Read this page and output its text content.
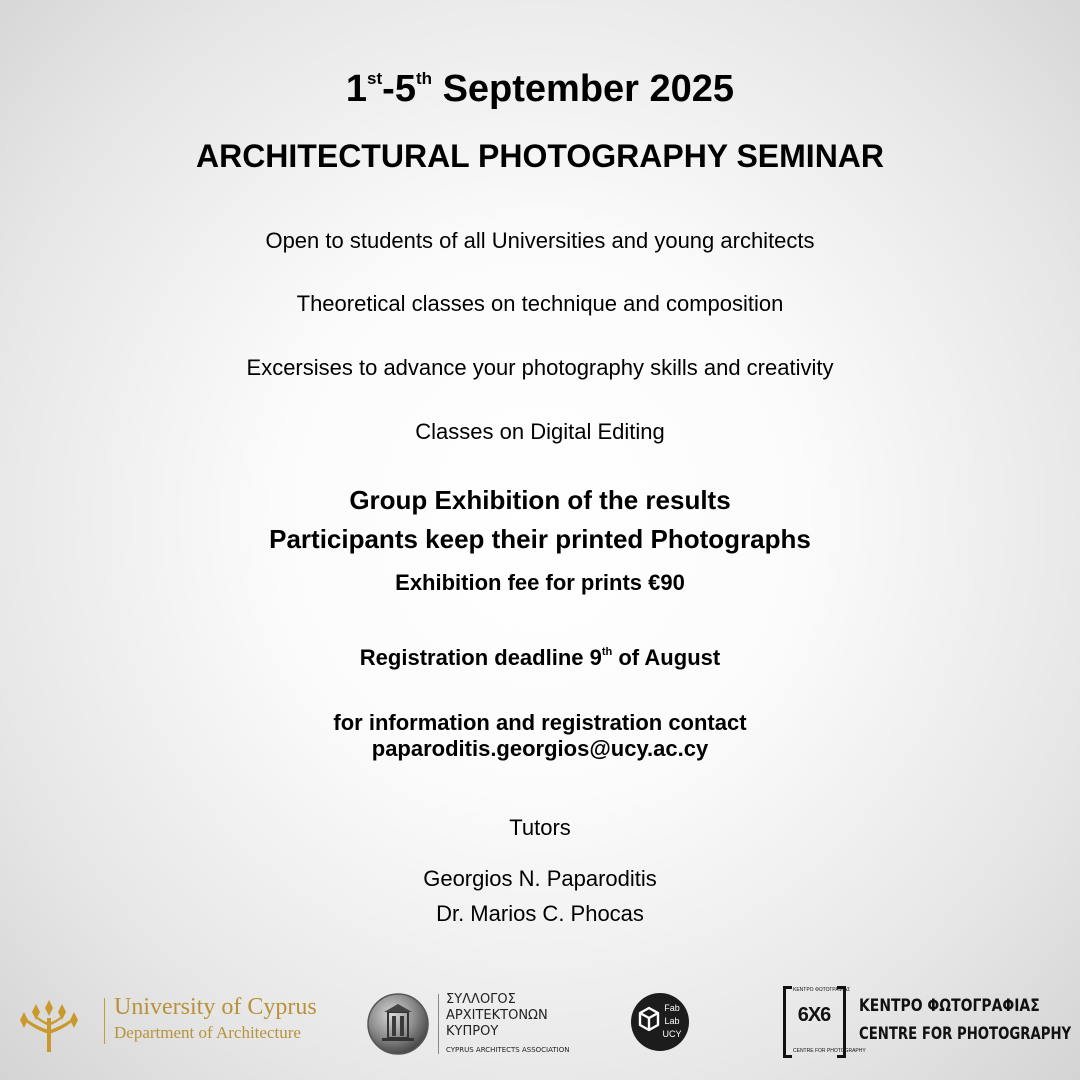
1st-5th September 2025
ARCHITECTURAL PHOTOGRAPHY SEMINAR
Open to students of all Universities and young architects
Theoretical classes on technique and composition
Excersises to advance your photography skills and creativity
Classes on Digital Editing
Group Exhibition of the results
Participants keep their printed Photographs
Exhibition fee for prints €90
Registration deadline 9th of August
for information and registration contact
paparoditis.georgios@ucy.ac.cy
Tutors
Georgios N. Paparoditis
Dr. Marios C. Phocas
University of Cyprus
Department of Architecture
ΣΥΛΛΟΓΟΣ
ΑΡΧΙΤΕΚΤΟΝΩΝ
ΚΥΠΡΟΥ
CYPRUS ARCHITECTS ASSOCIATION
Fab
Lab
UCY
ΚΕΝΤΡΟ ΦΩΤΟΓΡΑΦΙΑΣ
6X6
CENTRE FOR PHOTOGRAPHY
ΚΕΝΤΡΟ ΦΩΤΟΓΡΑΦΙΑΣ
CENTRE FOR PHOTOGRAPHY
